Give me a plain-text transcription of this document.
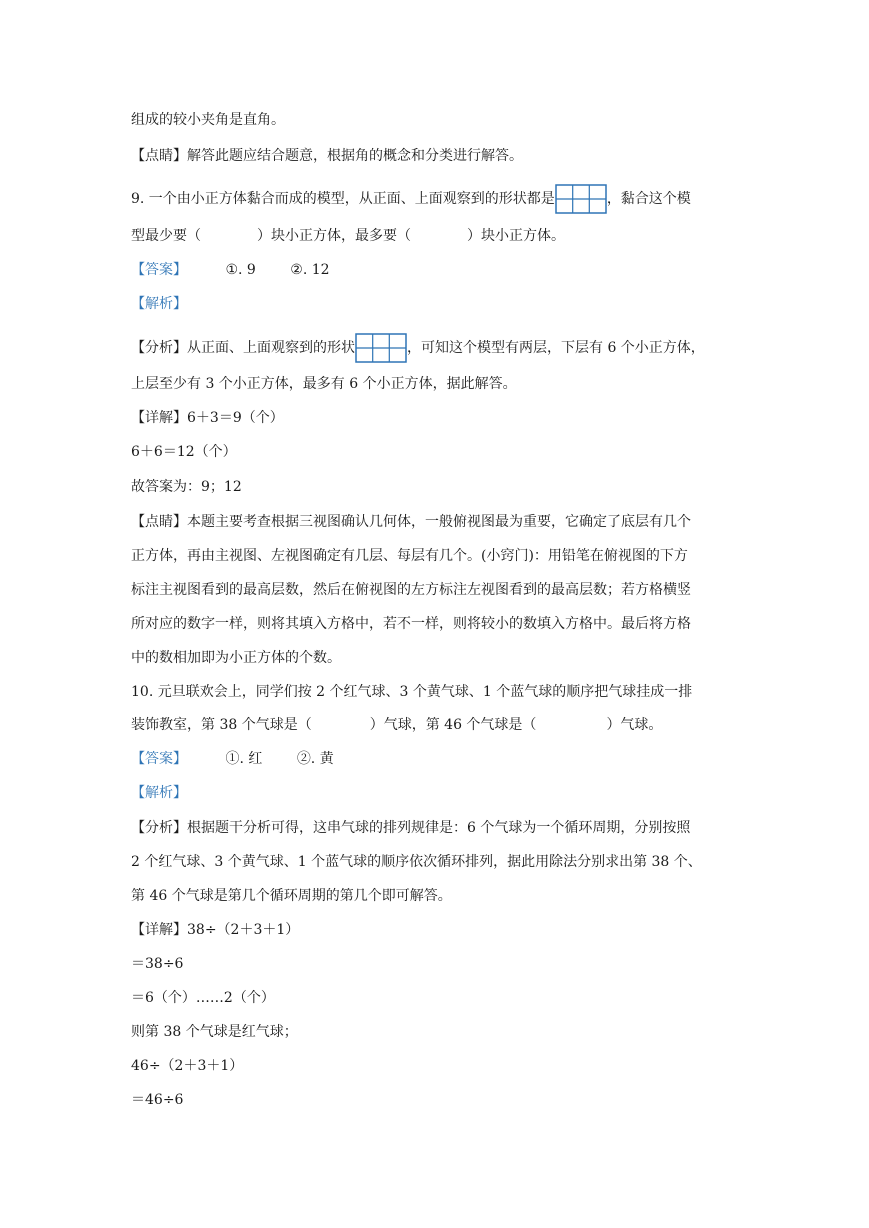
组成的较小夹角是直角。
【点睛】解答此题应结合题意，根据角的概念和分类进行解答。
9. 一个由小正方体黏合而成的模型，从正面、上面观察到的形状都是	，黏合这个模
型最少要（	）块小正方体，最多要（	）块小正方体。
【答案】	①. 9 ②. 12
【解析】
【分析】从正面、上面观察到的形状	，可知这个模型有两层，下层有 6 个小正方体，
上层至少有 3 个小正方体，最多有 6 个小正方体，据此解答。
【详解】6＋3＝9（个）
6＋6＝12（个）
故答案为：9；12
【点睛】本题主要考查根据三视图确认几何体，一般俯视图最为重要，它确定了底层有几个
正方体，再由主视图、左视图确定有几层、每层有几个。(小窍门)：用铅笔在俯视图的下方
标注主视图看到的最高层数，然后在俯视图的左方标注左视图看到的最高层数；若方格横竖
所对应的数字一样，则将其填入方格中，若不一样，则将较小的数填入方格中。最后将方格
中的数相加即为小正方体的个数。
10. 元旦联欢会上，同学们按 2 个红气球、3 个黄气球、1 个蓝气球的顺序把气球挂成一排
装饰教室，第 38 个气球是（	）气球，第 46 个气球是（	）气球。
【答案】	①. 红 ②. 黄
【解析】
【分析】根据题干分析可得，这串气球的排列规律是：6 个气球为一个循环周期，分别按照
2 个红气球、3 个黄气球、1 个蓝气球的顺序依次循环排列，据此用除法分别求出第 38 个、
第 46 个气球是第几个循环周期的第几个即可解答。
【详解】38÷（2＋3＋1）
＝38÷6
＝6（个）……2（个）
则第 38 个气球是红气球；
46÷（2＋3＋1）
＝46÷6
